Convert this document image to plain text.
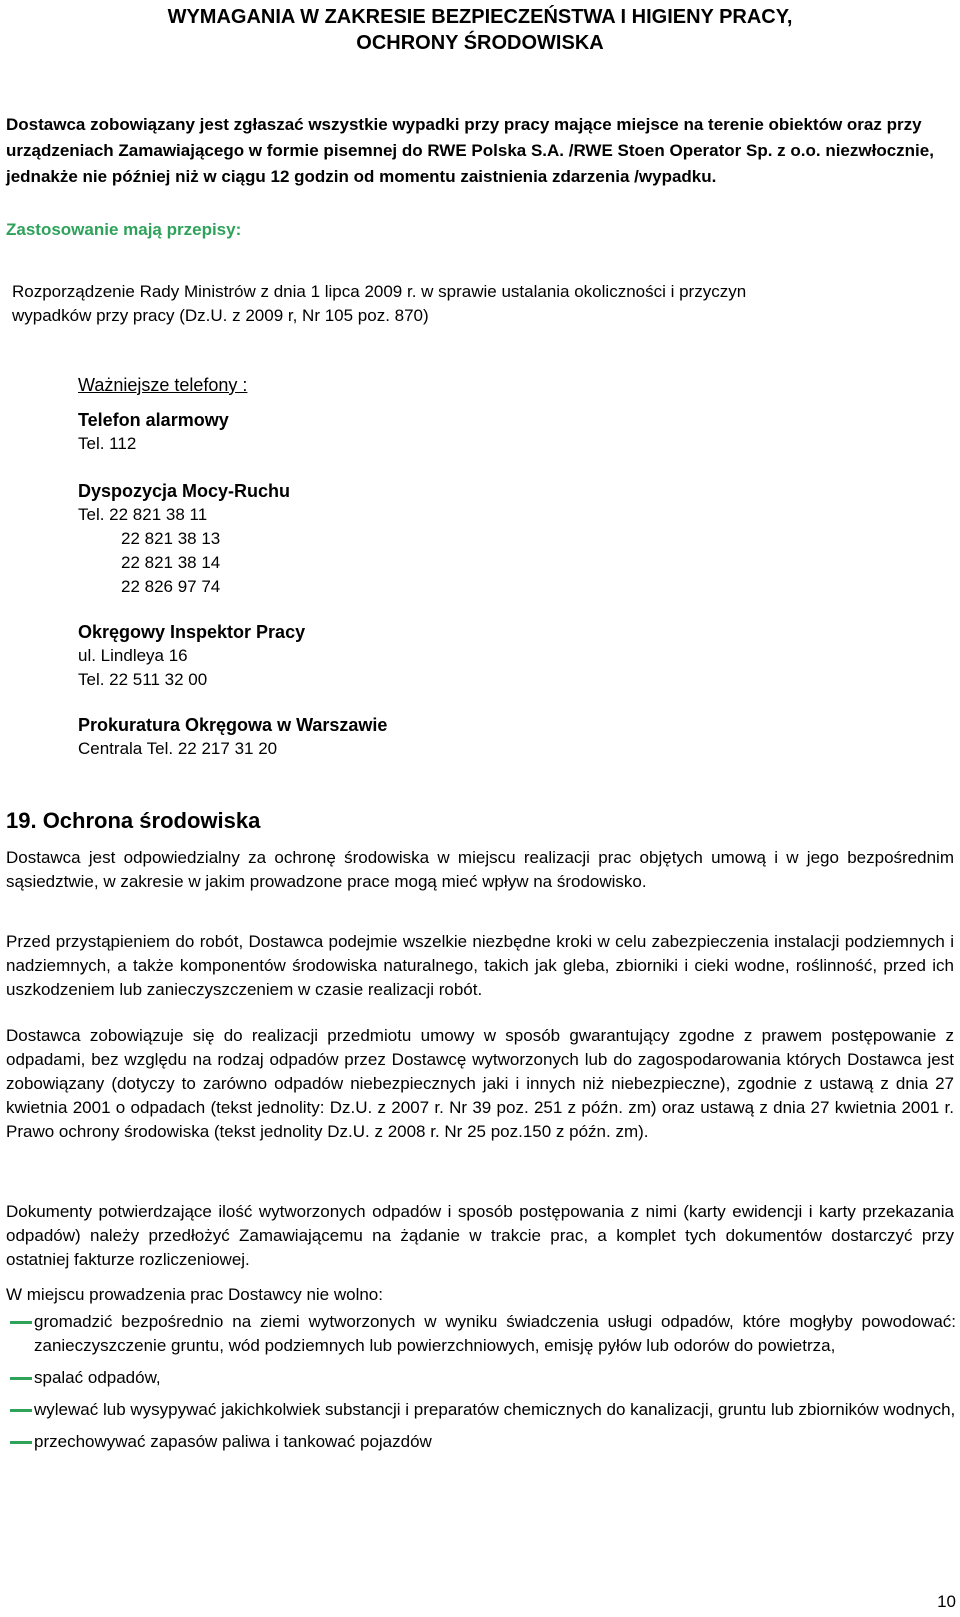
WYMAGANIA W ZAKRESIE BEZPIECZEŃSTWA I HIGIENY PRACY,
OCHRONY ŚRODOWISKA
Dostawca zobowiązany jest zgłaszać wszystkie wypadki przy pracy mające miejsce na terenie obiektów oraz przy urządzeniach Zamawiającego w formie pisemnej do RWE Polska S.A. /RWE Stoen Operator Sp. z o.o. niezwłocznie, jednakże nie później niż w ciągu 12 godzin od momentu zaistnienia zdarzenia /wypadku.
Zastosowanie mają przepisy:
Rozporządzenie Rady Ministrów z dnia 1 lipca 2009 r. w sprawie ustalania okoliczności i przyczyn
wypadków przy pracy (Dz.U. z 2009 r, Nr 105 poz. 870)
Ważniejsze telefony :
Telefon alarmowy
Tel. 112
Dyspozycja Mocy-Ruchu
Tel. 22 821 38 11
22 821 38 13
22 821 38 14
22 826 97 74
Okręgowy Inspektor Pracy
ul. Lindleya 16
Tel. 22 511 32 00
Prokuratura Okręgowa w Warszawie
Centrala Tel. 22 217 31 20
19. Ochrona środowiska
Dostawca jest odpowiedzialny za ochronę środowiska w miejscu realizacji prac objętych umową i w jego bezpośrednim sąsiedztwie, w zakresie w jakim prowadzone prace mogą mieć wpływ na środowisko.
Przed przystąpieniem do robót, Dostawca podejmie wszelkie niezbędne kroki w celu zabezpieczenia instalacji podziemnych i nadziemnych, a także komponentów środowiska naturalnego, takich jak gleba, zbiorniki i cieki wodne, roślinność, przed ich uszkodzeniem lub zanieczyszczeniem w czasie realizacji robót.
Dostawca zobowiązuje się do realizacji przedmiotu umowy w sposób gwarantujący zgodne z prawem postępowanie z odpadami, bez względu na rodzaj odpadów przez Dostawcę wytworzonych lub do zagospodarowania których Dostawca jest zobowiązany (dotyczy to zarówno odpadów niebezpiecznych jaki i innych niż niebezpieczne), zgodnie z ustawą z dnia 27 kwietnia 2001 o odpadach (tekst jednolity: Dz.U. z 2007 r. Nr 39 poz. 251 z późn. zm) oraz ustawą z dnia 27 kwietnia 2001 r. Prawo ochrony środowiska (tekst jednolity Dz.U. z 2008 r. Nr 25 poz.150 z późn. zm).
Dokumenty potwierdzające ilość wytworzonych odpadów i sposób postępowania z nimi (karty ewidencji i karty przekazania odpadów) należy przedłożyć Zamawiającemu na żądanie w trakcie prac, a komplet tych dokumentów dostarczyć przy ostatniej fakturze rozliczeniowej.
W miejscu prowadzenia prac Dostawcy nie wolno:
gromadzić bezpośrednio na ziemi wytworzonych w wyniku świadczenia usługi odpadów, które mogłyby powodować: zanieczyszczenie gruntu, wód podziemnych lub powierzchniowych, emisję pyłów lub odorów do powietrza,
spalać odpadów,
wylewać lub wysypywać jakichkolwiek substancji i preparatów chemicznych do kanalizacji, gruntu lub zbiorników wodnych,
przechowywać zapasów paliwa i tankować pojazdów
10
